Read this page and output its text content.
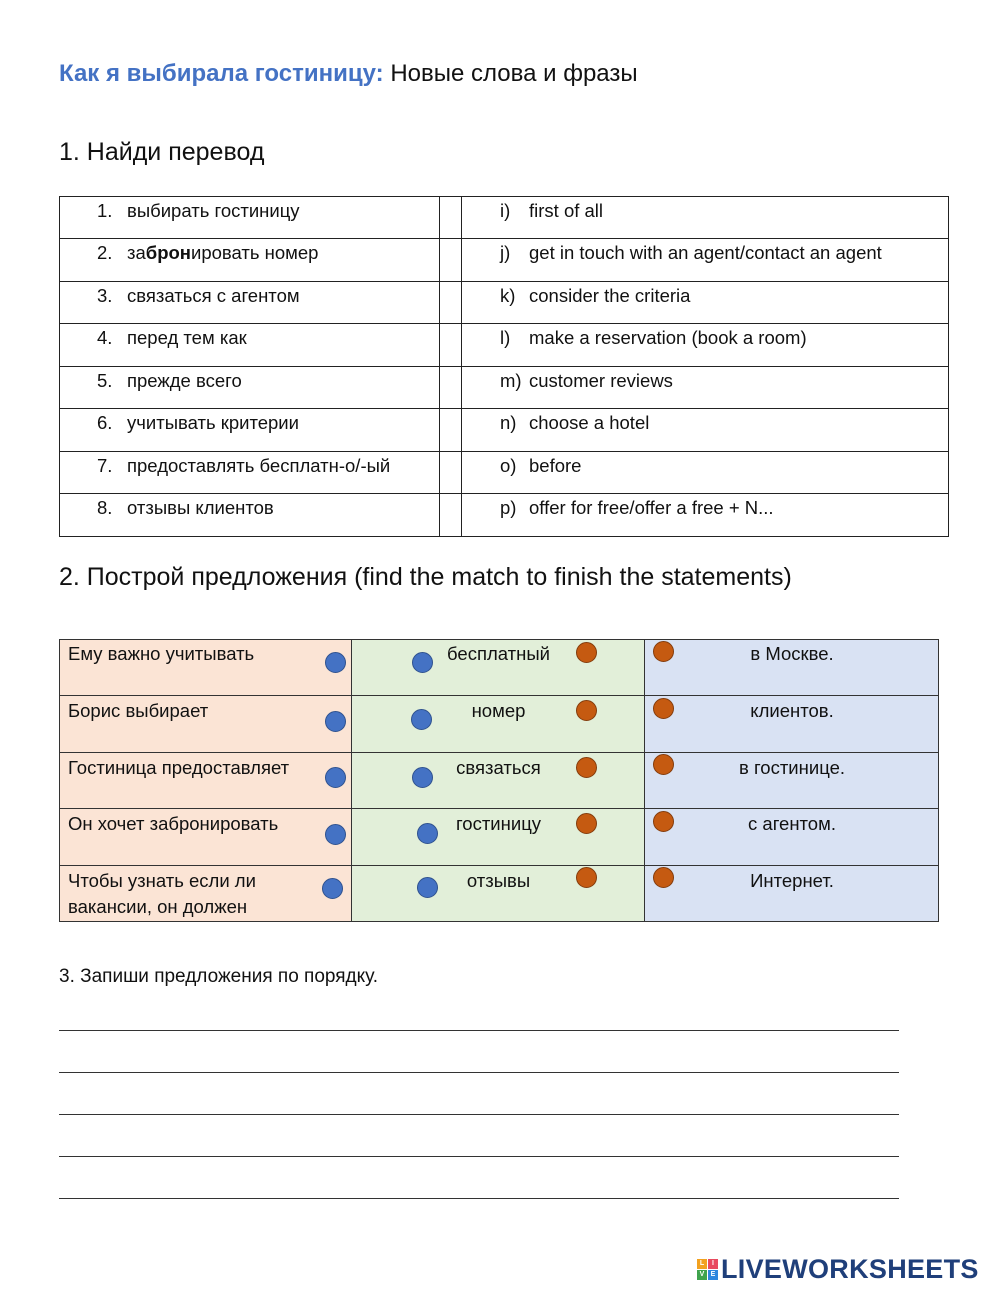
Как я выбирала гостиницу: Новые слова и фразы
1. Найди перевод
1. выбирать гостиницу
2. забронировать номер
3. связаться с агентом
4. перед тем как
5. прежде всего
6. учитывать критерии
7. предоставлять бесплатн-о/-ый
8. отзывы клиентов
i) first of all
j) get in touch with an agent/contact an agent
k) consider the criteria
l) make a reservation (book a room)
m) customer reviews
n) choose a hotel
o) before
p) offer for free/offer a free + N...
2. Построй предложения (find the match to finish the statements)
Ему важно учитывать
Борис выбирает
Гостиница предоставляет
Он хочет забронировать
Чтобы узнать если ли
вакансии, он должен
бесплатный
номер
связаться
гостиницу
отзывы
в Москве.
клиентов.
в гостинице.
с агентом.
Интернет.
3. Запиши предложения по порядку.
L	I
V E LIVEWORKSHEETS
